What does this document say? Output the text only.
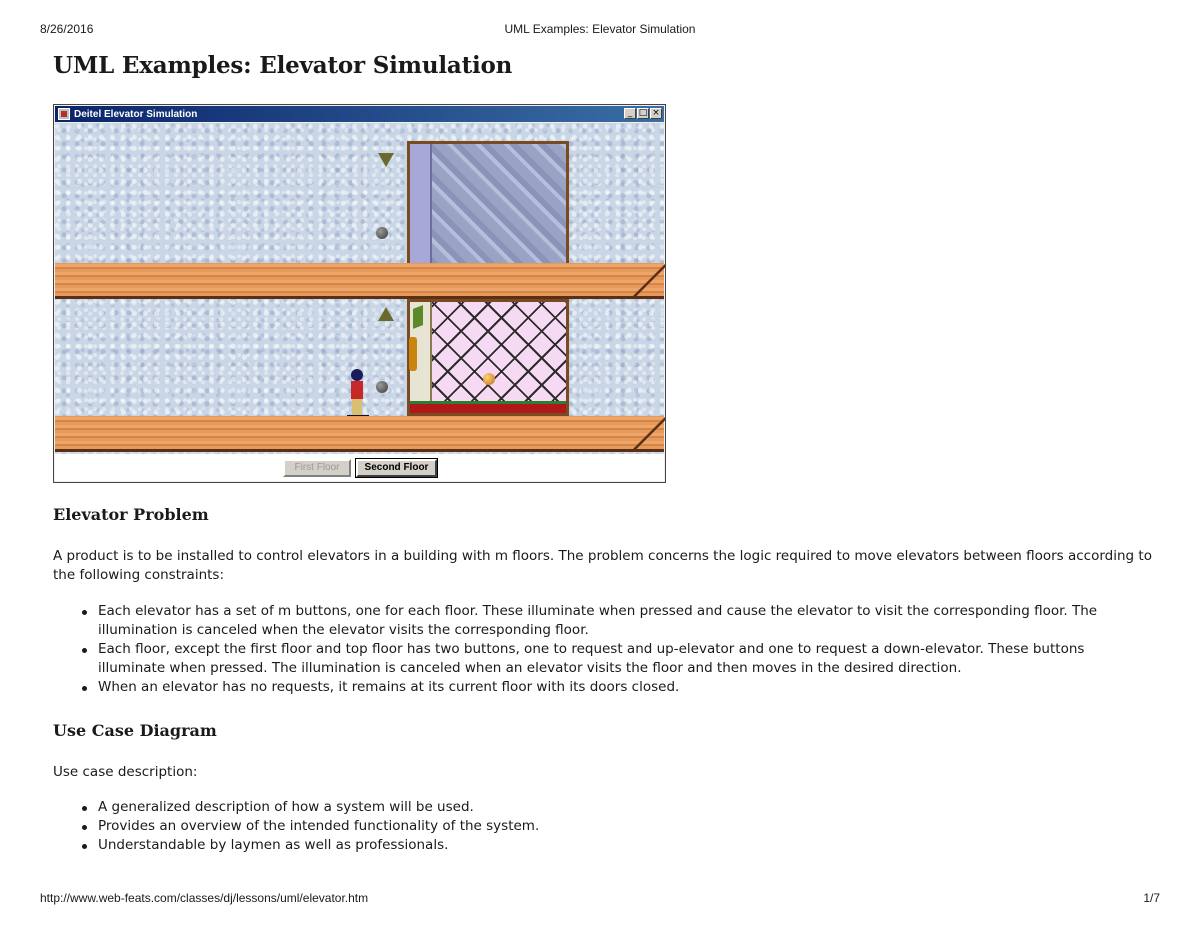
8/26/2016	UML Examples: Elevator Simulation
UML Examples: Elevator Simulation
Deitel Elevator Simulation	_ □ ×
First Floor	Second Floor
Elevator Problem

A product is to be installed to control elevators in a building with m floors. The problem concerns the logic required to move elevators between floors according to the following constraints:

Each elevator has a set of m buttons, one for each floor. These illuminate when pressed and cause the elevator to visit the corresponding floor. The illumination is canceled when the elevator visits the corresponding floor.
Each floor, except the first floor and top floor has two buttons, one to request and up-elevator and one to request a down-elevator. These buttons illuminate when pressed. The illumination is canceled when an elevator visits the floor and then moves in the desired direction.
When an elevator has no requests, it remains at its current floor with its doors closed.
Use Case Diagram

Use case description:

A generalized description of how a system will be used.
Provides an overview of the intended functionality of the system.
Understandable by laymen as well as professionals.
http://www.web-feats.com/classes/dj/lessons/uml/elevator.htm	1/7
